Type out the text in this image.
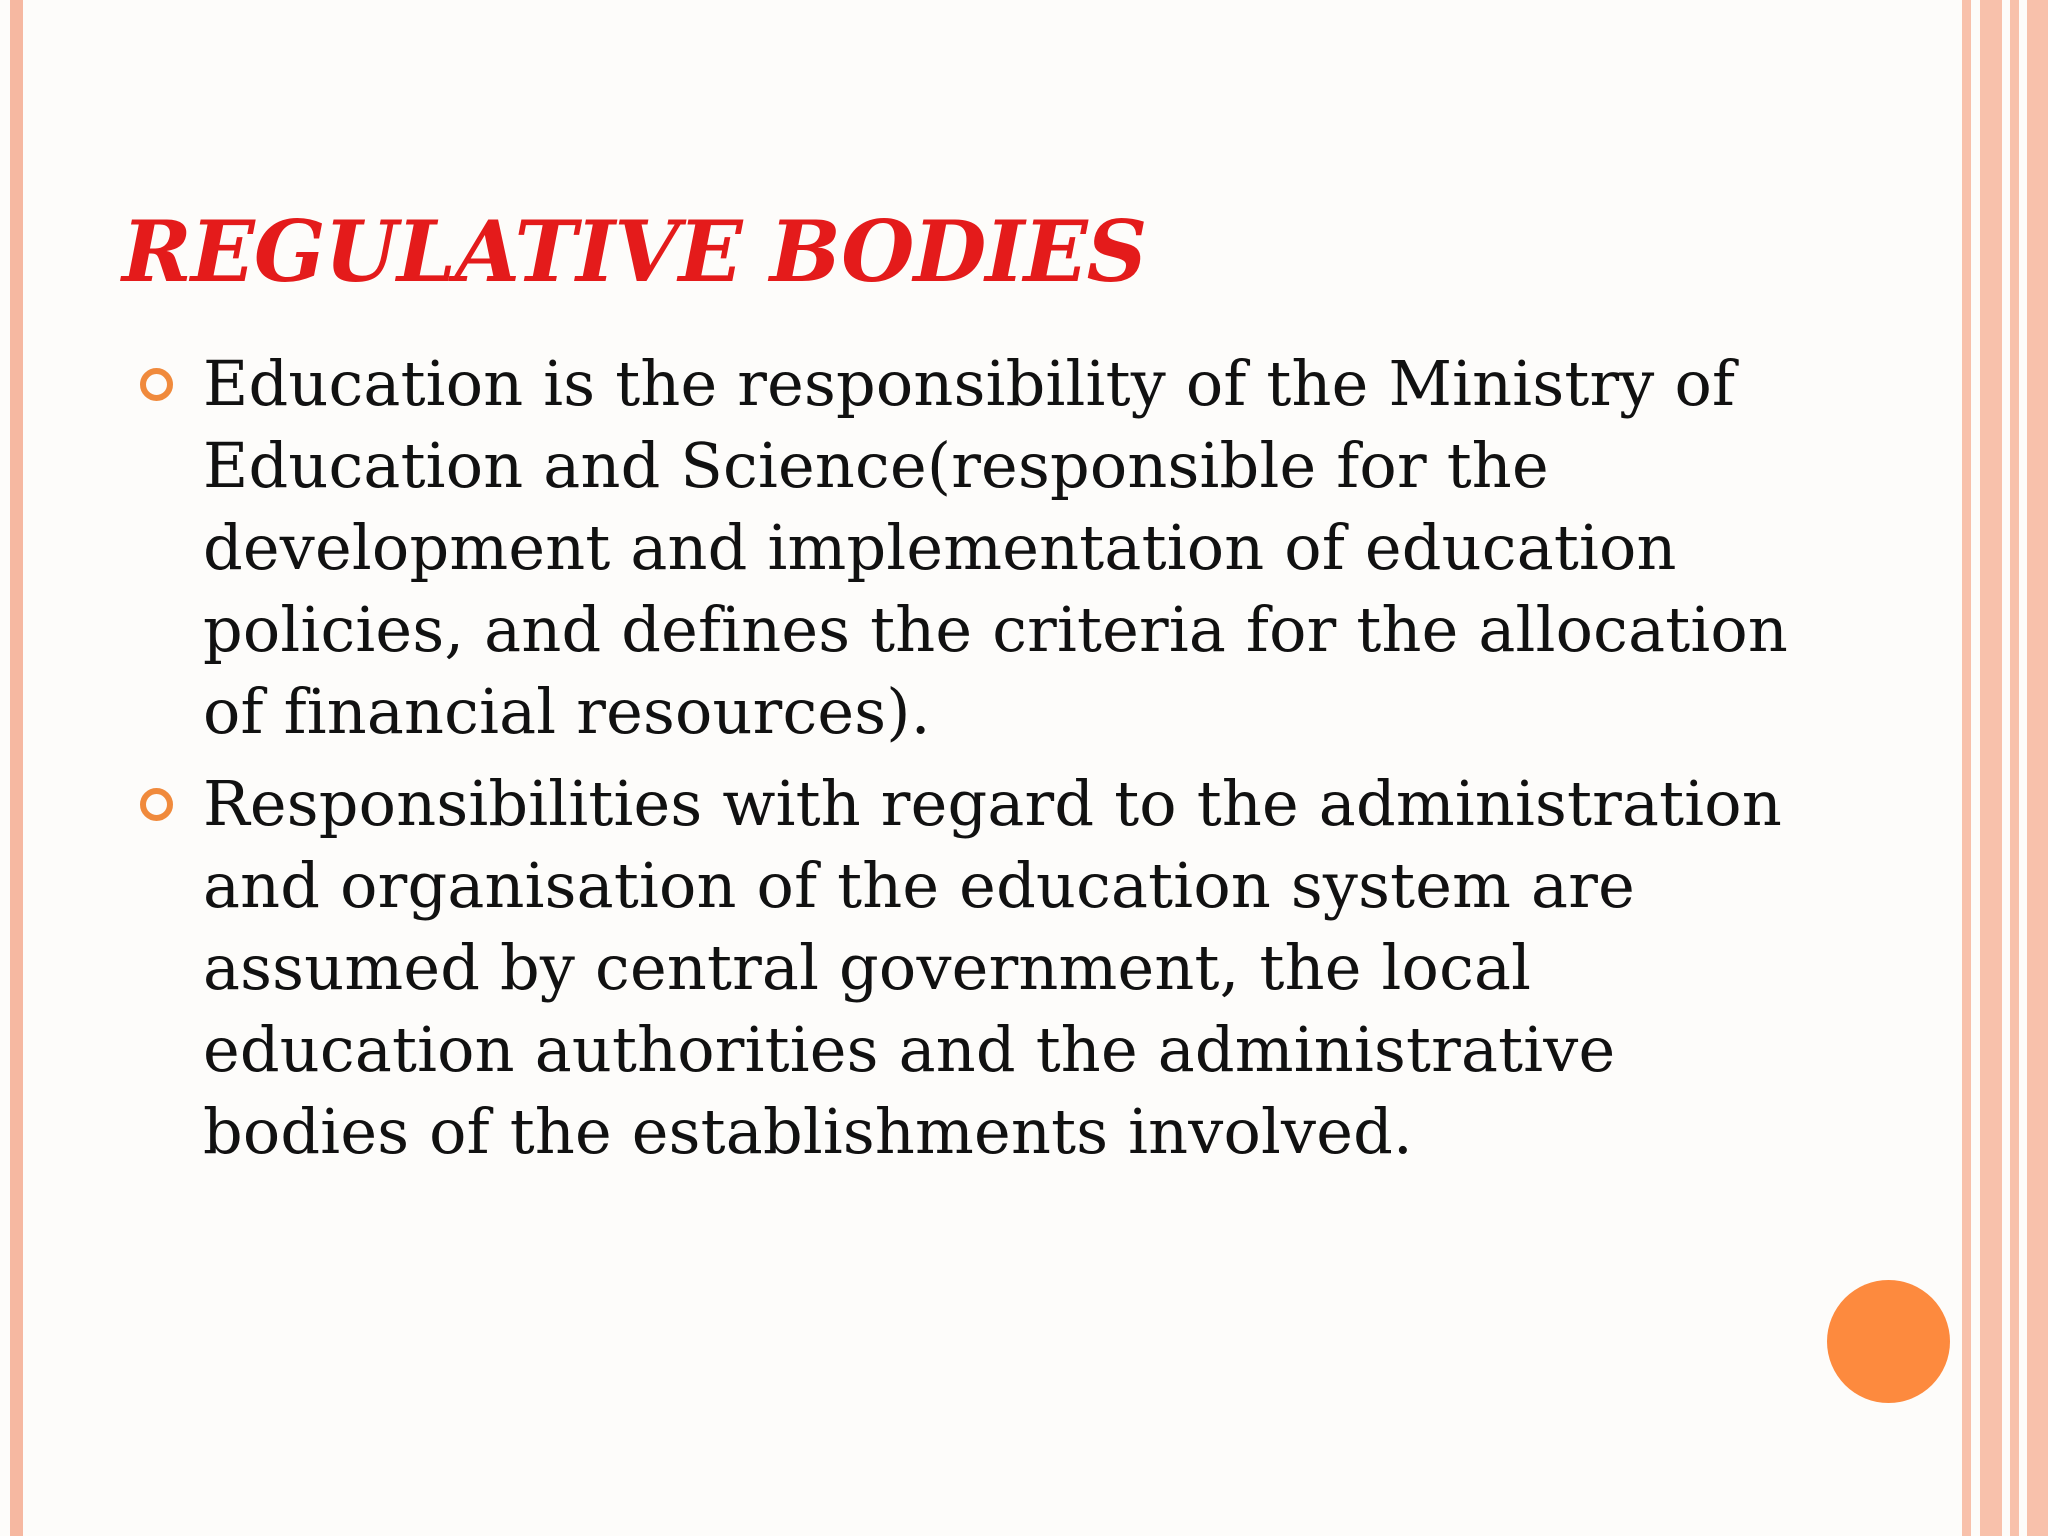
REGULATIVE BODIES
Education is the responsibility of the Ministry of
Education and Science(responsible for the
development and implementation of education
policies, and defines the criteria for the allocation
of financial resources).
Responsibilities with regard to the administration
and organisation of the education system are
assumed by central government, the local
education authorities and the administrative
bodies of the establishments involved.
